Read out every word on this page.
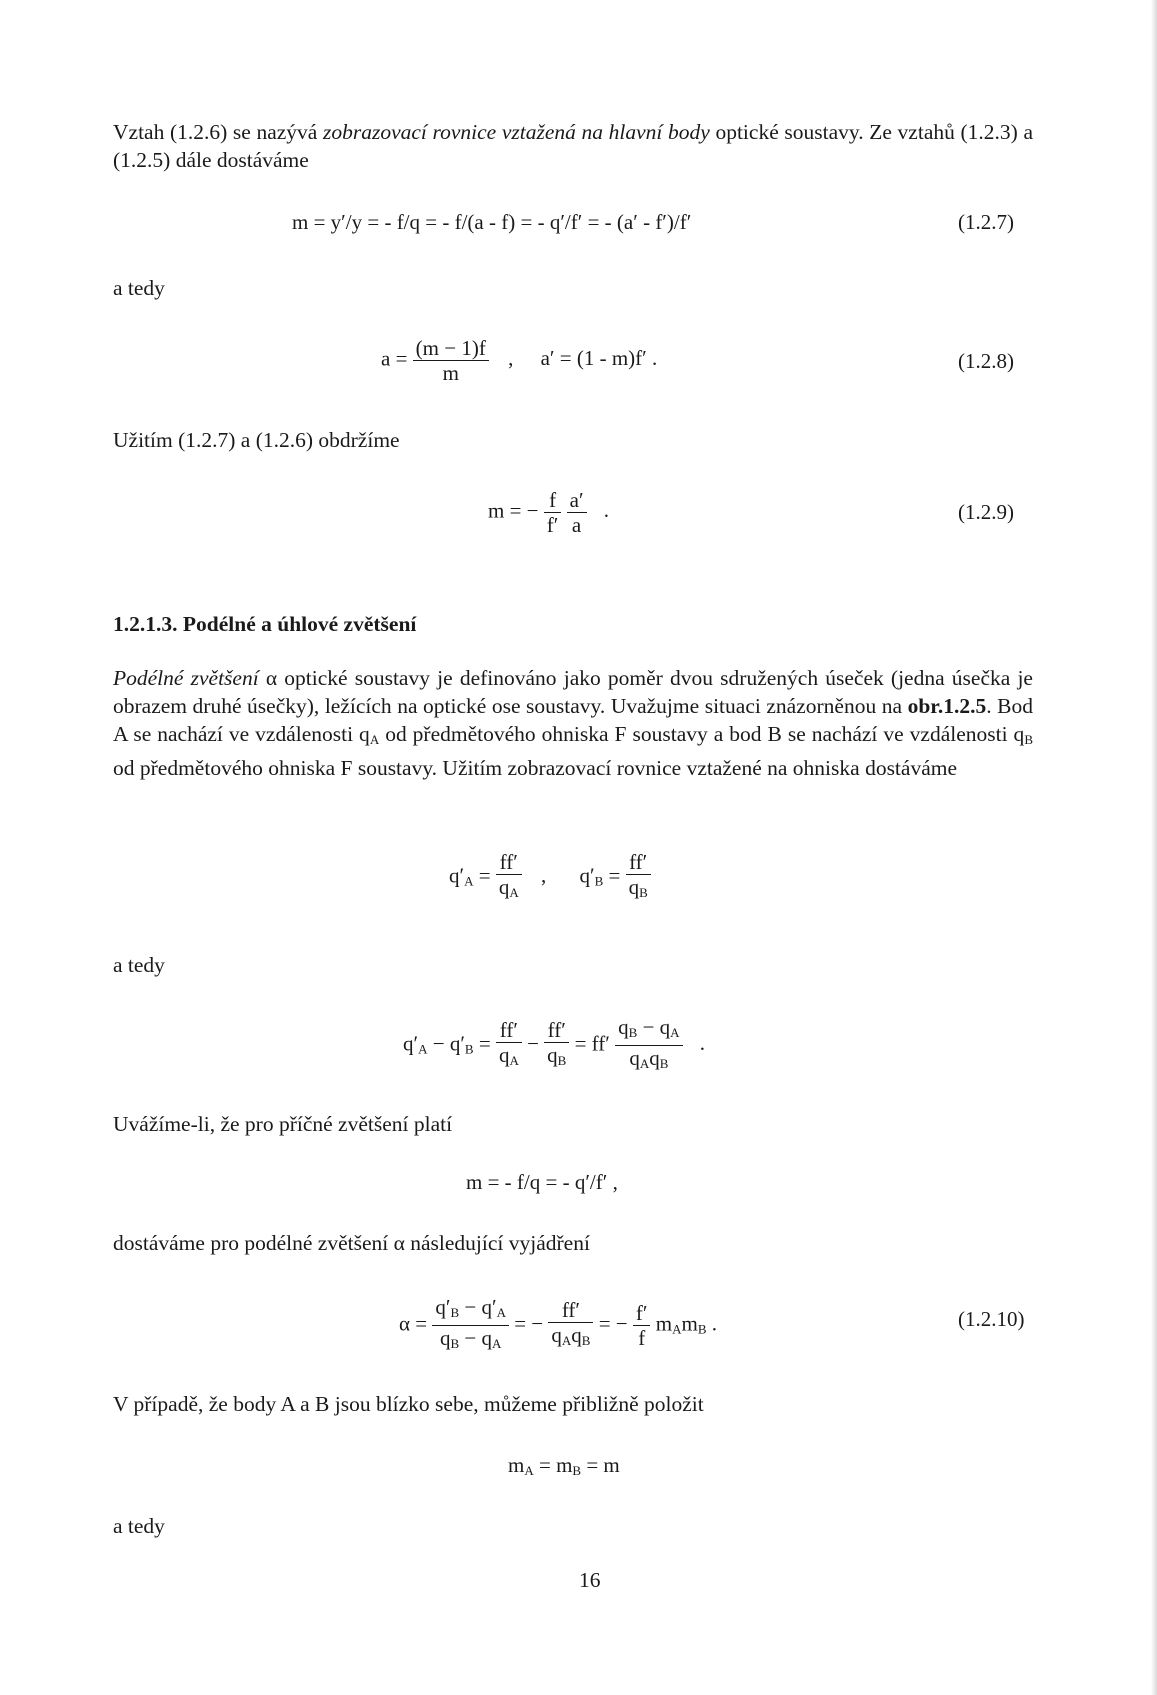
Vztah (1.2.6) se nazývá zobrazovací rovnice vztažená na hlavní body optické soustavy. Ze vztahů (1.2.3) a (1.2.5) dále dostáváme
m = y′/y = - f/q = - f/(a - f) = - q′/f′ = - (a′ - f′)/f′	(1.2.7)
a tedy
$a = \frac{(m - 1)f}{m}$ , a′ = (1 - m)f′ .	(1.2.8)
Užitím (1.2.7) a (1.2.6) obdržíme
m = − $\frac{f}{f'}$
$\frac{a'}{a}$ .	(1.2.9)
1.2.1.3. Podélné a úhlové zvětšení
Podélné zvětšení α optické soustavy je definováno jako poměr dvou sdružených úseček (jedna úsečka je obrazem druhé úsečky), ležících na optické ose soustavy. Uvažujme situaci znázorněnou na obr.1.2.5. Bod A se nachází ve vzdálenosti $q_A$ od předmětového ohniska F soustavy a bod B se nachází ve vzdálenosti $q_B$ od předmětového ohniska F soustavy. Užitím zobrazovací rovnice vztažené na ohniska dostáváme
$q'_A = \frac{ff'}{q_A}$ , $q'_B = \frac{ff'}{q_B}$
a tedy
$q'_A - q'_B = \frac{ff'}{q_A} - \frac{ff'}{q_B} = ff' \frac{q_B - q_A}{q_Aq_B}$ .
Uvážíme-li, že pro příčné zvětšení platí
m = - f/q = - q′/f′ ,
dostáváme pro podélné zvětšení α následující vyjádření
$\alpha = \frac{q'_B - q'_A}{q_B - q_A}$ = − $\frac{ff'}{q_Aq_B}$ = − $\frac{f'}{f} m_Am_B$ .	(1.2.10)
V případě, že body A a B jsou blízko sebe, můžeme přibližně položit
$m_A = m_B = m$
a tedy
16
